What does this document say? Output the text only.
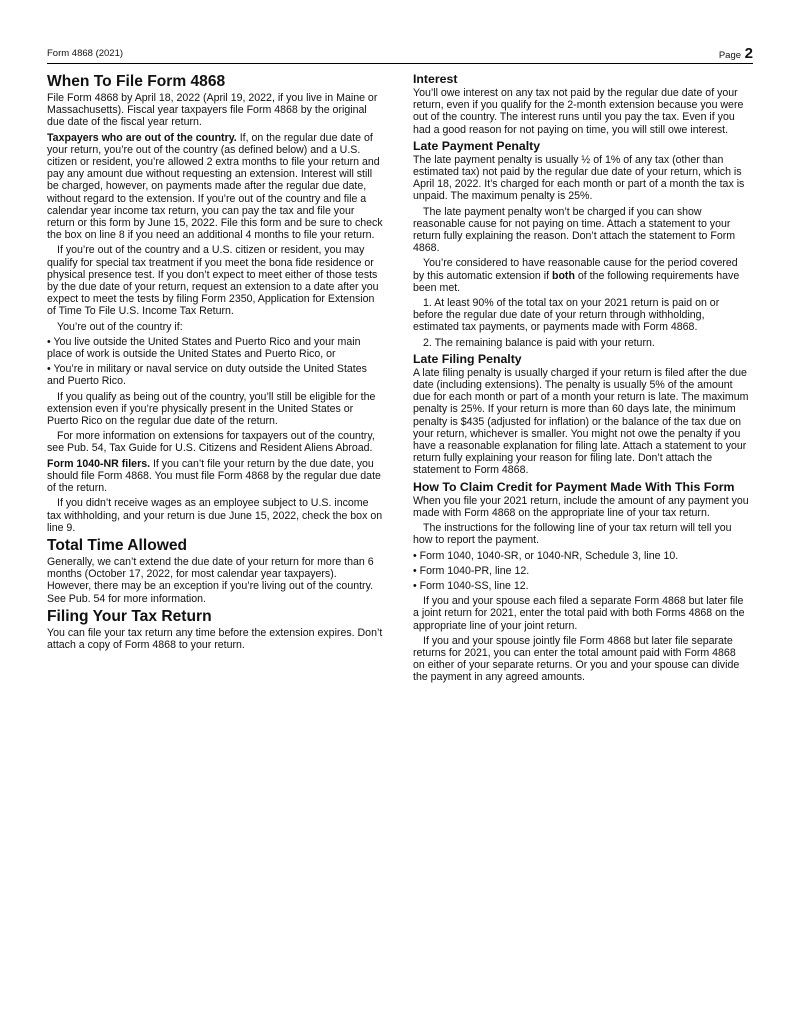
Form 4868 (2021)	Page 2
When To File Form 4868

File Form 4868 by April 18, 2022 (April 19, 2022, if you live in Maine or Massachusetts). Fiscal year taxpayers file Form 4868 by the original due date of the fiscal year return.

Taxpayers who are out of the country. If, on the regular due date of your return, you’re out of the country (as defined below) and a U.S. citizen or resident, you’re allowed 2 extra months to file your return and pay any amount due without requesting an extension. Interest will still be charged, however, on payments made after the regular due date, without regard to the extension. If you’re out of the country and file a calendar year income tax return, you can pay the tax and file your return or this form by June 15, 2022. File this form and be sure to check the box on line 8 if you need an additional 4 months to file your return.

If you’re out of the country and a U.S. citizen or resident, you may qualify for special tax treatment if you meet the bona fide residence or physical presence test. If you don’t expect to meet either of those tests by the due date of your return, request an extension to a date after you expect to meet the tests by filing Form 2350, Application for Extension of Time To File U.S. Income Tax Return.

You’re out of the country if:

• You live outside the United States and Puerto Rico and your main place of work is outside the United States and Puerto Rico, or

• You’re in military or naval service on duty outside the United States and Puerto Rico.

If you qualify as being out of the country, you’ll still be eligible for the extension even if you’re physically present in the United States or Puerto Rico on the regular due date of the return.

For more information on extensions for taxpayers out of the country, see Pub. 54, Tax Guide for U.S. Citizens and Resident Aliens Abroad.

Form 1040-NR filers. If you can’t file your return by the due date, you should file Form 4868. You must file Form 4868 by the regular due date of the return.

If you didn’t receive wages as an employee subject to U.S. income tax withholding, and your return is due June 15, 2022, check the box on line 9.

Total Time Allowed

Generally, we can’t extend the due date of your return for more than 6 months (October 17, 2022, for most calendar year taxpayers). However, there may be an exception if you’re living out of the country. See Pub. 54 for more information.

Filing Your Tax Return

You can file your tax return any time before the extension expires. Don’t attach a copy of Form 4868 to your return.

Interest

You’ll owe interest on any tax not paid by the regular due date of your return, even if you qualify for the 2-month extension because you were out of the country. The interest runs until you pay the tax. Even if you had a good reason for not paying on time, you will still owe interest.

Late Payment Penalty

The late payment penalty is usually ½ of 1% of any tax (other than estimated tax) not paid by the regular due date of your return, which is April 18, 2022. It’s charged for each month or part of a month the tax is unpaid. The maximum penalty is 25%.

The late payment penalty won’t be charged if you can show reasonable cause for not paying on time. Attach a statement to your return fully explaining the reason. Don’t attach the statement to Form 4868.

You’re considered to have reasonable cause for the period covered by this automatic extension if both of the following requirements have been met.

1. At least 90% of the total tax on your 2021 return is paid on or before the regular due date of your return through withholding, estimated tax payments, or payments made with Form 4868.

2. The remaining balance is paid with your return.

Late Filing Penalty

A late filing penalty is usually charged if your return is filed after the due date (including extensions). The penalty is usually 5% of the amount due for each month or part of a month your return is late. The maximum penalty is 25%. If your return is more than 60 days late, the minimum penalty is $435 (adjusted for inflation) or the balance of the tax due on your return, whichever is smaller. You might not owe the penalty if you have a reasonable explanation for filing late. Attach a statement to your return fully explaining your reason for filing late. Don’t attach the statement to Form 4868.

How To Claim Credit for Payment Made With This Form

When you file your 2021 return, include the amount of any payment you made with Form 4868 on the appropriate line of your tax return.

The instructions for the following line of your tax return will tell you how to report the payment.

• Form 1040, 1040-SR, or 1040-NR, Schedule 3, line 10.

• Form 1040-PR, line 12.

• Form 1040-SS, line 12.

If you and your spouse each filed a separate Form 4868 but later file a joint return for 2021, enter the total paid with both Forms 4868 on the appropriate line of your joint return.

If you and your spouse jointly file Form 4868 but later file separate returns for 2021, you can enter the total amount paid with Form 4868 on either of your separate returns. Or you and your spouse can divide the payment in any agreed amounts.
